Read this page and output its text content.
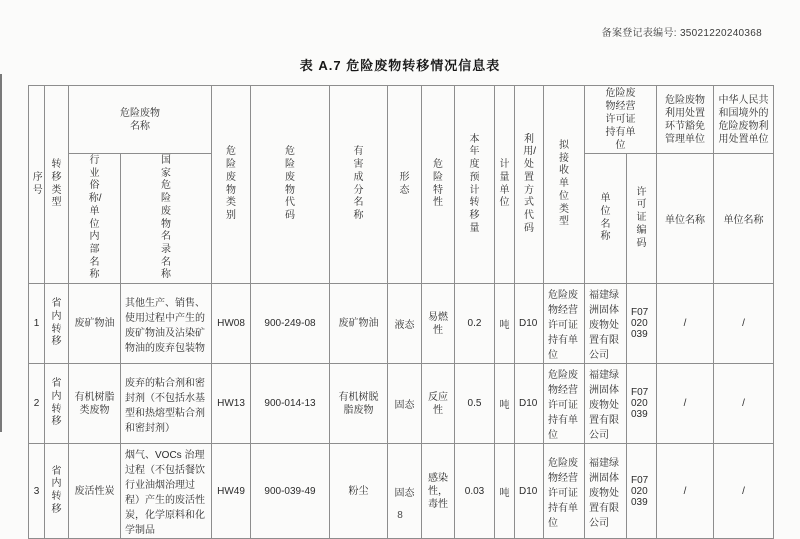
备案登记表编号: 35021220240368
表 A.7 危险废物转移情况信息表
序号	转移类型	危险废物名称		危险废物类别	危险废物代码	有害成分名称	形态	危险特性	本年度预计转移量	计量单位	利用/处置方式代码	拟接收单位类型	危险废物经营许可证持有单位		危险废物利用处置环节豁免管理单位	中华人民共和国境外的危险废物利用处置单位
		行业俗称/单位内部名称	国家危险废物名录名称										单位名称	许可证编码	单位名称	单位名称
1	省内转移	废矿物油	其他生产、销售、使用过程中产生的废矿物油及沾染矿物油的废弃包装物	HW08	900-249-08	废矿物油	液态	易燃性	0.2	吨	D10	危险废物经营许可证持有单位	福建绿洲固体废物处置有限公司	F07020039	/	/
2	省内转移	有机树脂类废物	废弃的粘合剂和密封剂（不包括水基型和热熔型粘合剂和密封剂）	HW13	900-014-13	有机树脱脂废物	固态	反应性	0.5	吨	D10	危险废物经营许可证持有单位	福建绿洲固体废物处置有限公司	F07020039	/	/
3	省内转移	废活性炭	烟气、VOCs 治理过程（不包括餐饮行业油烟治理过程）产生的废活性炭，化学原料和化学制品	HW49	900-039-49	粉尘	固态	感染性，毒性	0.03	吨	D10	危险废物经营许可证持有单位	福建绿洲固体废物处置有限公司	F07020039	/	/
8
